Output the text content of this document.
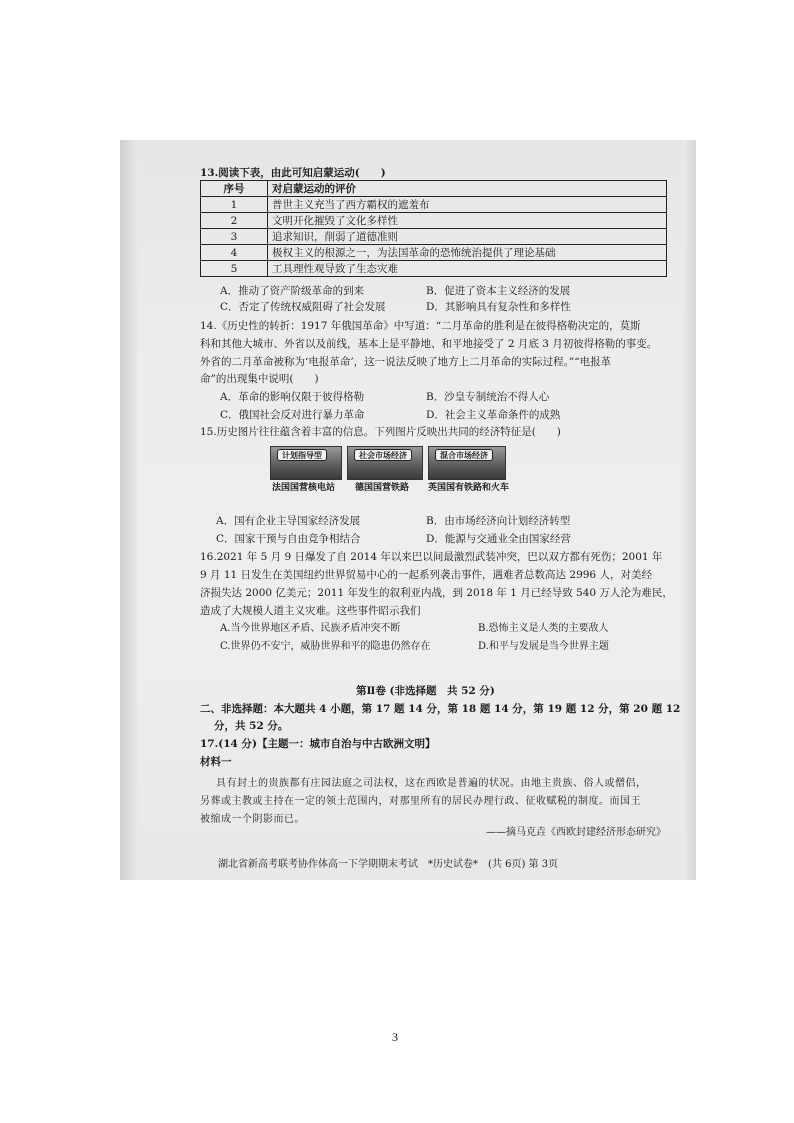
13.阅读下表，由此可知启蒙运动(　　)
序号	对启蒙运动的评价
1	普世主义充当了西方霸权的遮羞布
2	文明开化摧毁了文化多样性
3	追求知识，削弱了道德准则
4	极权主义的根源之一，为法国革命的恐怖统治提供了理论基础
5	工具理性观导致了生态灾难
A．推动了资产阶级革命的到来	B．促进了资本主义经济的发展
C．否定了传统权威阻碍了社会发展	D．其影响具有复杂性和多样性
14.《历史性的转折：1917 年俄国革命》中写道：“二月革命的胜利是在彼得格勒决定的，莫斯
科和其他大城市、外省以及前线，基本上是平静地、和平地接受了 2 月底 3 月初彼得格勒的事变。
外省的二月革命被称为‘电报革命’，这一说法反映了地方上二月革命的实际过程。”“电报革
命”的出现集中说明(　　)
A．革命的影响仅限于彼得格勒	B．沙皇专制统治不得人心
C．俄国社会反对进行暴力革命	D．社会主义革命条件的成熟
15.历史图片往往蕴含着丰富的信息。下列图片反映出共同的经济特征是(　　)
计划指导型	社会市场经济	混合市场经济
法国国营核电站 德国国营铁路 英国国有铁路和火车
A．国有企业主导国家经济发展	B．由市场经济向计划经济转型
C．国家干预与自由竞争相结合	D．能源与交通业全由国家经营
16.2021 年 5 月 9 日爆发了自 2014 年以来巴以间最激烈武装冲突，巴以双方都有死伤；2001 年
9 月 11 日发生在美国纽约世界贸易中心的一起系列袭击事件，遇难者总数高达 2996 人，对美经
济损失达 2000 亿美元；2011 年发生的叙利亚内战，到 2018 年 1 月已经导致 540 万人沦为难民，
造成了大规模人道主义灾难。这些事件昭示我们
A.当今世界地区矛盾、民族矛盾冲突不断	B.恐怖主义是人类的主要敌人
C.世界仍不安宁，威胁世界和平的隐患仍然存在	D.和平与发展是当今世界主题
第Ⅱ卷 (非选择题　共 52 分)
二、非选择题：本大题共 4 小题，第 17 题 14 分，第 18 题 14 分，第 19 题 12 分，第 20 题 12
分，共 52 分。
17.(14 分)【主题一：城市自治与中古欧洲文明】
材料一
具有封土的贵族都有庄园法庭之司法权，这在西欧是普遍的状况。由地主贵族、俗人或僧侣，
另葬或主教或主持在一定的领土范围内，对那里所有的居民办理行政、征收赋税的制度。而国王
被缩成一个阴影而已。
——摘马克垚《西欧封建经济形态研究》
湖北省新高考联考协作体高一下学期期末考试　*历史试卷*　(共 6页) 第 3页
3
